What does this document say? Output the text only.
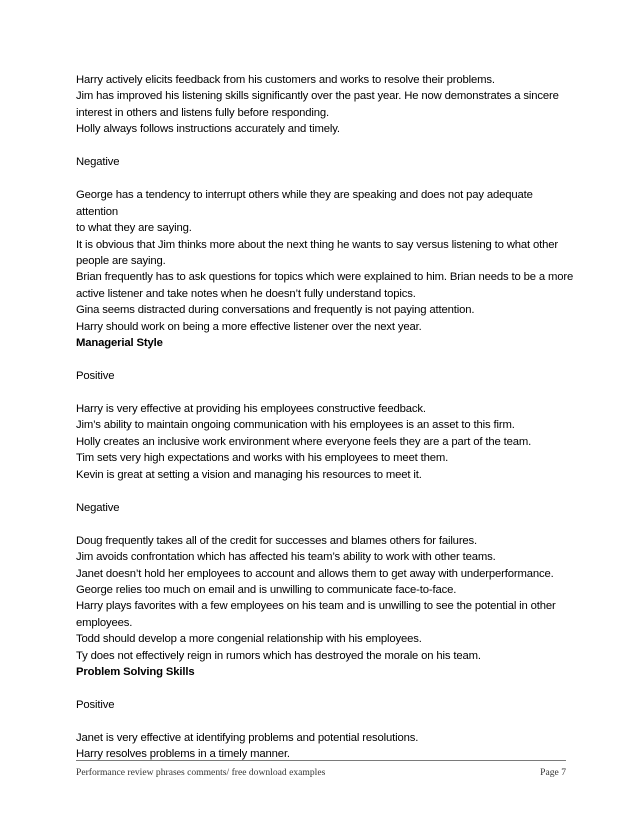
Harry actively elicits feedback from his customers and works to resolve their problems.

Jim has improved his listening skills significantly over the past year. He now demonstrates a sincere

interest in others and listens fully before responding.

Holly always follows instructions accurately and timely.

Negative

George has a tendency to interrupt others while they are speaking and does not pay adequate attention

to what they are saying.

It is obvious that Jim thinks more about the next thing he wants to say versus listening to what other

people are saying.

Brian frequently has to ask questions for topics which were explained to him. Brian needs to be a more

active listener and take notes when he doesn’t fully understand topics.

Gina seems distracted during conversations and frequently is not paying attention.

Harry should work on being a more effective listener over the next year.

Managerial Style

Positive

Harry is very effective at providing his employees constructive feedback.

Jim’s ability to maintain ongoing communication with his employees is an asset to this firm.

Holly creates an inclusive work environment where everyone feels they are a part of the team.

Tim sets very high expectations and works with his employees to meet them.

Kevin is great at setting a vision and managing his resources to meet it.

Negative

Doug frequently takes all of the credit for successes and blames others for failures.

Jim avoids confrontation which has affected his team’s ability to work with other teams.

Janet doesn’t hold her employees to account and allows them to get away with underperformance.

George relies too much on email and is unwilling to communicate face-to-face.

Harry plays favorites with a few employees on his team and is unwilling to see the potential in other

employees.

Todd should develop a more congenial relationship with his employees.

Ty does not effectively reign in rumors which has destroyed the morale on his team.

Problem Solving Skills

Positive

Janet is very effective at identifying problems and potential resolutions.

Harry resolves problems in a timely manner.

Performance review phrases comments/ free download examples	Page 7
